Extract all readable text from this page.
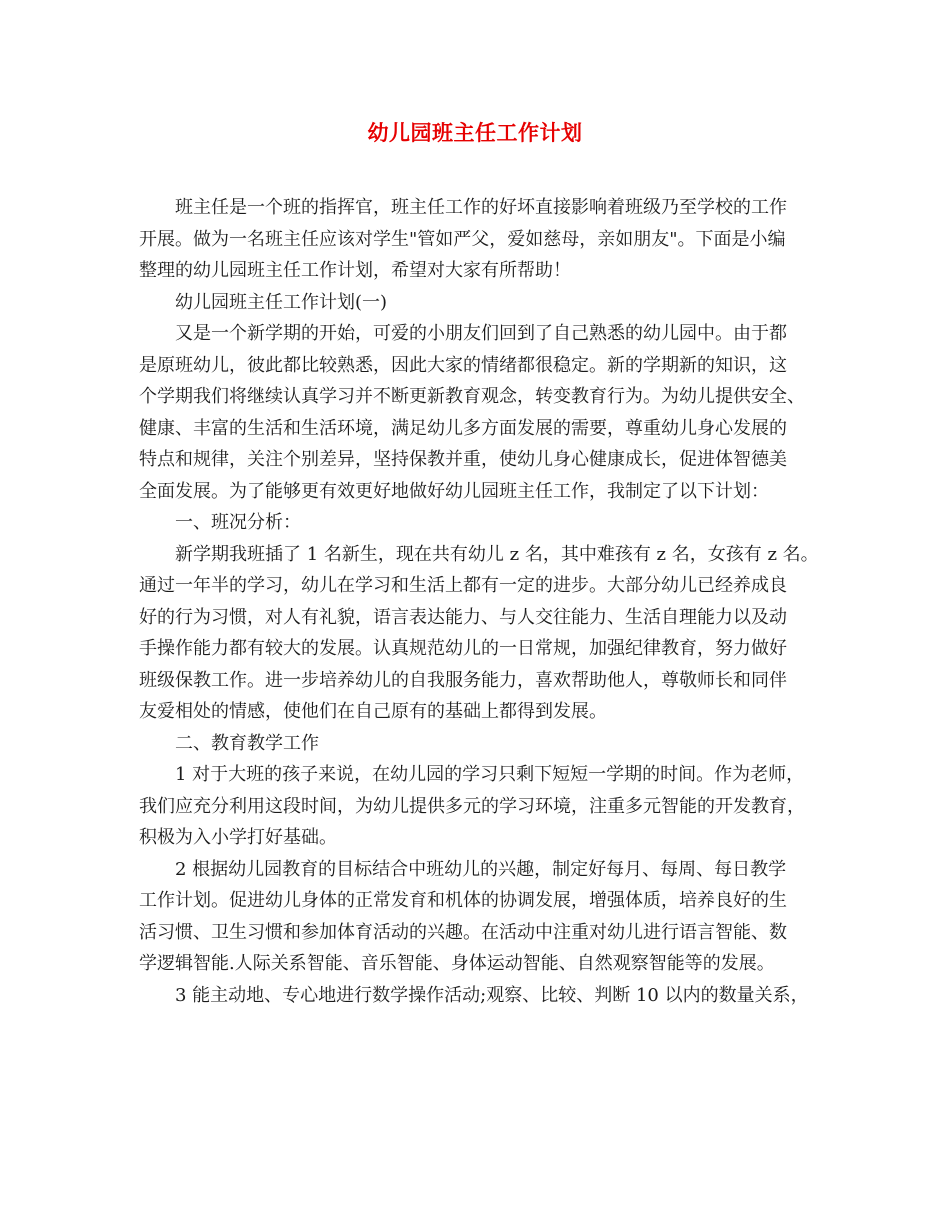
幼儿园班主任工作计划
班主任是一个班的指挥官，班主任工作的好坏直接影响着班级乃至学校的工作
开展。做为一名班主任应该对学生"管如严父，爱如慈母，亲如朋友"。下面是小编
整理的幼儿园班主任工作计划，希望对大家有所帮助！
幼儿园班主任工作计划(一)
又是一个新学期的开始，可爱的小朋友们回到了自己熟悉的幼儿园中。由于都
是原班幼儿，彼此都比较熟悉，因此大家的情绪都很稳定。新的学期新的知识，这
个学期我们将继续认真学习并不断更新教育观念，转变教育行为。为幼儿提供安全、
健康、丰富的生活和生活环境，满足幼儿多方面发展的需要，尊重幼儿身心发展的
特点和规律，关注个别差异，坚持保教并重，使幼儿身心健康成长，促进体智德美
全面发展。为了能够更有效更好地做好幼儿园班主任工作，我制定了以下计划：
一、班况分析：
新学期我班插了 1 名新生，现在共有幼儿 z 名，其中难孩有 z 名，女孩有 z 名。
通过一年半的学习，幼儿在学习和生活上都有一定的进步。大部分幼儿已经养成良
好的行为习惯，对人有礼貌，语言表达能力、与人交往能力、生活自理能力以及动
手操作能力都有较大的发展。认真规范幼儿的一日常规，加强纪律教育，努力做好
班级保教工作。进一步培养幼儿的自我服务能力，喜欢帮助他人，尊敬师长和同伴
友爱相处的情感，使他们在自己原有的基础上都得到发展。
二、教育教学工作
1 对于大班的孩子来说，在幼儿园的学习只剩下短短一学期的时间。作为老师，
我们应充分利用这段时间，为幼儿提供多元的学习环境，注重多元智能的开发教育，
积极为入小学打好基础。
2 根据幼儿园教育的目标结合中班幼儿的兴趣，制定好每月、每周、每日教学
工作计划。促进幼儿身体的正常发育和机体的协调发展，增强体质，培养良好的生
活习惯、卫生习惯和参加体育活动的兴趣。在活动中注重对幼儿进行语言智能、数
学逻辑智能.人际关系智能、音乐智能、身体运动智能、自然观察智能等的发展。
3 能主动地、专心地进行数学操作活动;观察、比较、判断 10 以内的数量关系，
